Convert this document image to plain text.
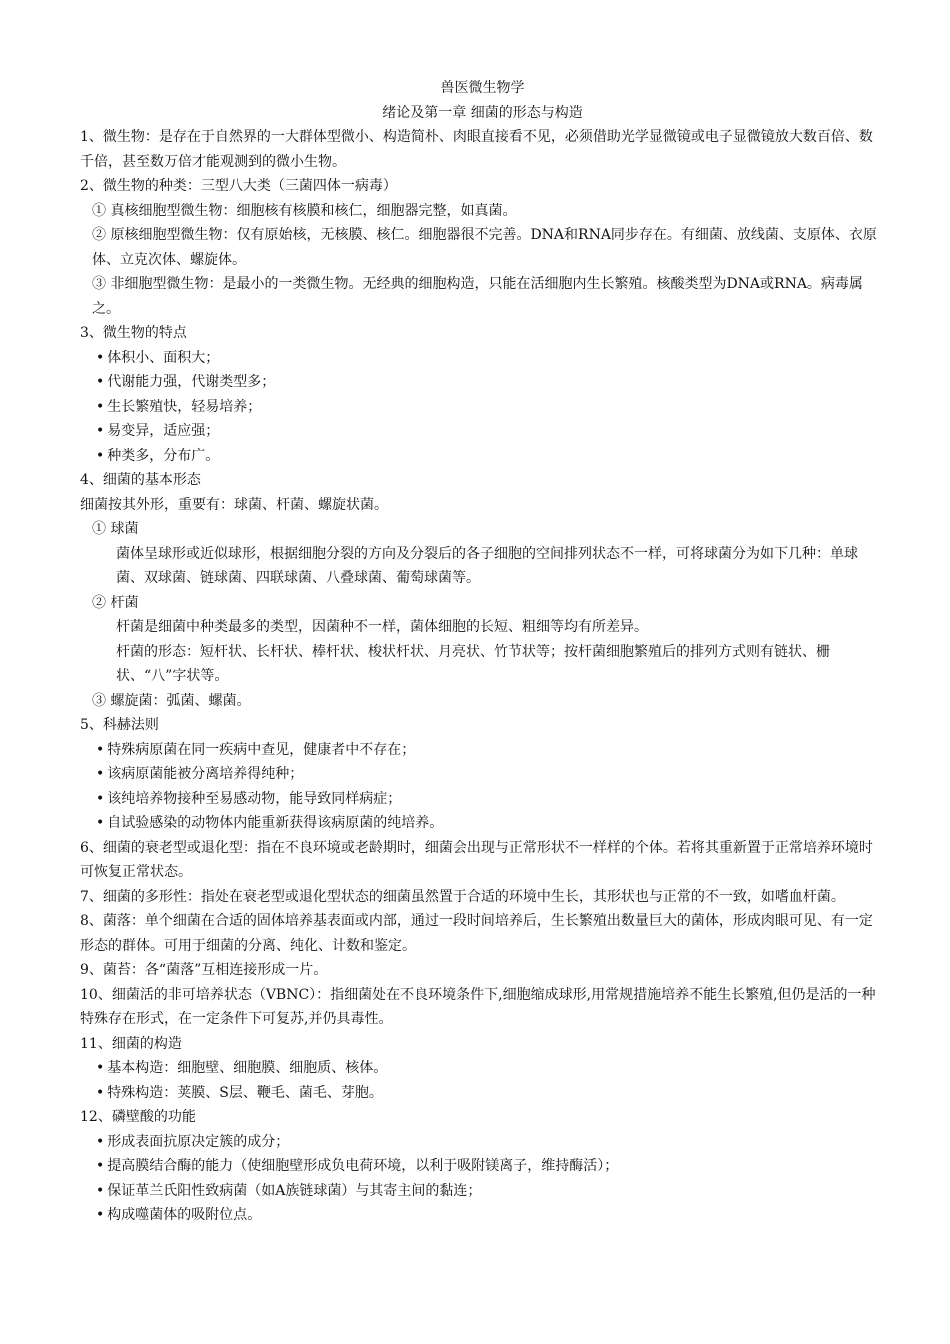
兽医微生物学
绪论及第一章 细菌的形态与构造
1、微生物：是存在于自然界的一大群体型微小、构造简朴、肉眼直接看不见，必须借助光学显微镜或电子显微镜放大数百倍、数千倍，甚至数万倍才能观测到的微小生物。
2、微生物的种类：三型八大类（三菌四体一病毒）
① 真核细胞型微生物：细胞核有核膜和核仁，细胞器完整，如真菌。
② 原核细胞型微生物：仅有原始核，无核膜、核仁。细胞器很不完善。DNA和RNA同步存在。有细菌、放线菌、支原体、衣原体、立克次体、螺旋体。
③ 非细胞型微生物：是最小的一类微生物。无经典的细胞构造，只能在活细胞内生长繁殖。核酸类型为DNA或RNA。病毒属之。
3、微生物的特点
• 体积小、面积大；
• 代谢能力强，代谢类型多；
• 生长繁殖快，轻易培养；
• 易变异，适应强；
• 种类多，分布广。
4、细菌的基本形态
细菌按其外形，重要有：球菌、杆菌、螺旋状菌。
① 球菌
菌体呈球形或近似球形，根据细胞分裂的方向及分裂后的各子细胞的空间排列状态不一样，可将球菌分为如下几种：单球菌、双球菌、链球菌、四联球菌、八叠球菌、葡萄球菌等。
② 杆菌
杆菌是细菌中种类最多的类型，因菌种不一样，菌体细胞的长短、粗细等均有所差异。
杆菌的形态：短杆状、长杆状、棒杆状、梭状杆状、月亮状、竹节状等；按杆菌细胞繁殖后的排列方式则有链状、栅状、“八”字状等。
③ 螺旋菌：弧菌、螺菌。
5、科赫法则
• 特殊病原菌在同一疾病中查见，健康者中不存在；
• 该病原菌能被分离培养得纯种；
• 该纯培养物接种至易感动物，能导致同样病症；
• 自试验感染的动物体内能重新获得该病原菌的纯培养。
6、细菌的衰老型或退化型：指在不良环境或老龄期时，细菌会出现与正常形状不一样样的个体。若将其重新置于正常培养环境时可恢复正常状态。
7、细菌的多形性：指处在衰老型或退化型状态的细菌虽然置于合适的环境中生长，其形状也与正常的不一致，如嗜血杆菌。
8、菌落：单个细菌在合适的固体培养基表面或内部，通过一段时间培养后，生长繁殖出数量巨大的菌体，形成肉眼可见、有一定形态的群体。可用于细菌的分离、纯化、计数和鉴定。
9、菌苔：各“菌落”互相连接形成一片。
10、细菌活的非可培养状态（VBNC）：指细菌处在不良环境条件下,细胞缩成球形,用常规措施培养不能生长繁殖,但仍是活的一种特殊存在形式，在一定条件下可复苏,并仍具毒性。
11、细菌的构造
• 基本构造：细胞壁、细胞膜、细胞质、核体。
• 特殊构造：荚膜、S层、鞭毛、菌毛、芽胞。
12、磷壁酸的功能
• 形成表面抗原决定簇的成分；
• 提高膜结合酶的能力（使细胞壁形成负电荷环境，以利于吸附镁离子，维持酶活）；
• 保证革兰氏阳性致病菌（如A族链球菌）与其寄主间的黏连；
• 构成噬菌体的吸附位点。
